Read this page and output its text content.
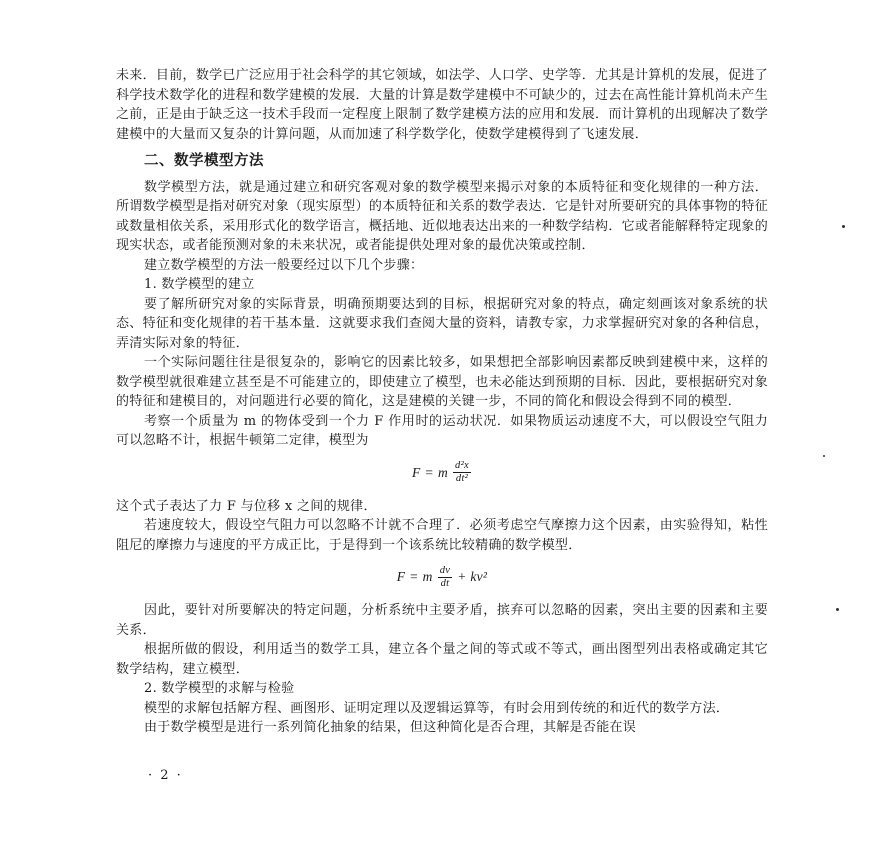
未来．目前，数学已广泛应用于社会科学的其它领域，如法学、人口学、史学等．尤其是计算机的发展，促进了科学技术数学化的进程和数学建模的发展．大量的计算是数学建模中不可缺少的，过去在高性能计算机尚未产生之前，正是由于缺乏这一技术手段而一定程度上限制了数学建模方法的应用和发展．而计算机的出现解决了数学建模中的大量而又复杂的计算问题，从而加速了科学数学化，使数学建模得到了飞速发展．

二、数学模型方法

数学模型方法，就是通过建立和研究客观对象的数学模型来揭示对象的本质特征和变化规律的一种方法．所谓数学模型是指对研究对象（现实原型）的本质特征和关系的数学表达．它是针对所要研究的具体事物的特征或数量相依关系，采用形式化的数学语言，概括地、近似地表达出来的一种数学结构．它或者能解释特定现象的现实状态，或者能预测对象的未来状况，或者能提供处理对象的最优决策或控制．

建立数学模型的方法一般要经过以下几个步骤：

1. 数学模型的建立

要了解所研究对象的实际背景，明确预期要达到的目标，根据研究对象的特点，确定刻画该对象系统的状态、特征和变化规律的若干基本量．这就要求我们查阅大量的资料，请教专家，力求掌握研究对象的各种信息，弄清实际对象的特征．

一个实际问题往往是很复杂的，影响它的因素比较多，如果想把全部影响因素都反映到建模中来，这样的数学模型就很难建立甚至是不可能建立的，即使建立了模型，也未必能达到预期的目标．因此，要根据研究对象的特征和建模目的，对问题进行必要的简化，这是建模的关键一步，不同的简化和假设会得到不同的模型．

考察一个质量为 m 的物体受到一个力 F 作用时的运动状况．如果物质运动速度不大，可以假设空气阻力可以忽略不计，根据牛顿第二定律，模型为

F = m $\frac{\text{d²x}}{\text{dt²}}$

这个式子表达了力 F 与位移 x 之间的规律．

若速度较大，假设空气阻力可以忽略不计就不合理了．必须考虑空气摩擦力这个因素，由实验得知，粘性阻尼的摩擦力与速度的平方成正比，于是得到一个该系统比较精确的数学模型．

F = m $\frac{dv}{dt} + kv^2$

因此，要针对所要解决的特定问题，分析系统中主要矛盾，摈弃可以忽略的因素，突出主要的因素和主要关系．

根据所做的假设，利用适当的数学工具，建立各个量之间的等式或不等式，画出图型列出表格或确定其它数学结构，建立模型．

2. 数学模型的求解与检验

模型的求解包括解方程、画图形、证明定理以及逻辑运算等，有时会用到传统的和近代的数学方法．

由于数学模型是进行一系列简化抽象的结果，但这种简化是否合理，其解是否能在误

· 2 ·
